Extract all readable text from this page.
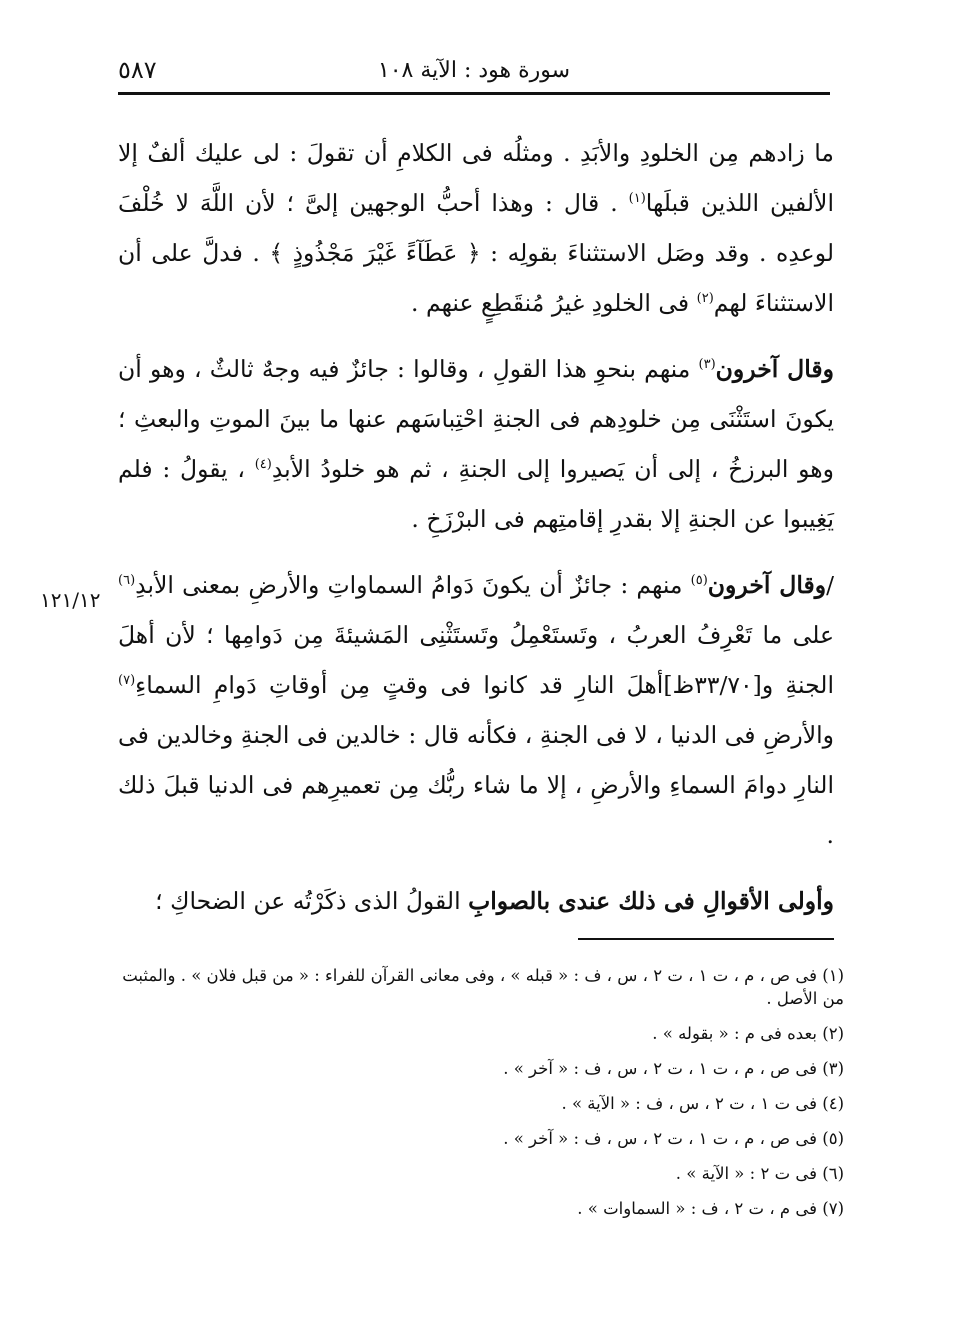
٥٨٧	سورة هود : الآية ١٠٨
١٢١/١٢

ما زادهم مِن الخلودِ والأبَدِ . ومثلُه فى الكلامِ أن تقولَ : لى عليك ألفٌ إلا الألفين اللذين قبلَها$^{(١)}$ . قال : وهذا أحبُّ الوجهين إلىَّ ؛ لأن اللَّهَ لا خُلْفَ لوعدِه . وقد وصَل الاستثناءَ بقولِه : ﴿ عَطَآءً غَيْرَ مَجْذُوذٍ ﴾ . فدلَّ على أن الاستثناءَ لهم$^{(٢)}$ فى الخلودِ غيرُ مُنقَطِعٍ عنهم .

وقال آخرون$^{(٣)}$ منهم بنحوِ هذا القولِ ، وقالوا : جائزٌ فيه وجهٌ ثالثٌ ، وهو أن يكونَ استَثْنَى مِن خلودِهم فى الجنةِ احْتِباسَهم عنها ما بينَ الموتِ والبعثِ ؛ وهو البرزخُ ، إلى أن يَصيروا إلى الجنةِ ، ثم هو خلودُ الأبدِ$^{(٤)}$ ، يقولُ : فلم يَغِيبوا عن الجنةِ إلا بقدرِ إقامتِهم فى البرْزَخِ .

/وقال آخرون$^{(٥)}$ منهم : جائزٌ أن يكونَ دَوامُ السماواتِ والأرضِ بمعنى الأبدِ$^{(٦)}$ على ما تَعْرِفُ العربُ ، وتَستَعْمِلُ وتَستَثْنِى المَشيئةَ مِن دَوامِها ؛ لأن أهلَ الجنةِ و[٣٣/٧٠ظ]أهلَ النارِ قد كانوا فى وقتٍ مِن أوقاتِ دَوامِ السماءِ$^{(٧)}$ والأرضِ فى الدنيا ، لا فى الجنةِ ، فكأنه قال : خالدين فى الجنةِ وخالدين فى النارِ دوامَ السماءِ والأرضِ ، إلا ما شاء ربُّك مِن تعميرِهم فى الدنيا قبلَ ذلك .

وأولى الأقوالِ فى ذلك عندى بالصوابِ القولُ الذى ذكَرْتُه عن الضحاكِ ؛

(١) فى ص ، م ، ت ١ ، ت ٢ ، س ، ف : « قبله » ، وفى معانى القرآن للفراء : « من قبل فلان » . والمثبت من الأصل .

(٢) بعده فى م : « بقوله » .

(٣) فى ص ، م ، ت ١ ، ت ٢ ، س ، ف : « آخر » .

(٤) فى ت ١ ، ت ٢ ، س ، ف : « الآية » .

(٥) فى ص ، م ، ت ١ ، ت ٢ ، س ، ف : « آخر » .

(٦) فى ت ٢ : « الآية » .

(٧) فى م ، ت ٢ ، ف : « السماوات » .
